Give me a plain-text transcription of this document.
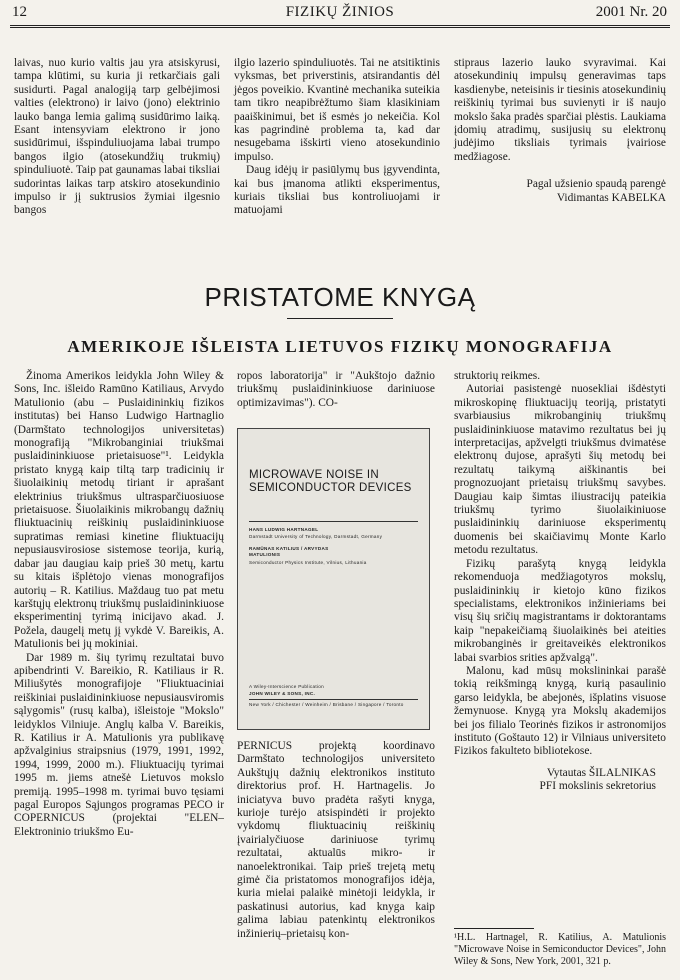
12	FIZIKŲ ŽINIOS	2001 Nr. 20

laivas, nuo kurio valtis jau yra atsiskyrusi, tampa klūtimi, su kuria ji retkarčiais gali susidurti. Pagal analogiją tarp gelbėjimosi valties (elektrono) ir laivo (jono) elektrinio lauko banga lemia galimą susidūrimo laiką. Esant intensyviam elektrono ir jono susidūrimui, išspinduliuojama labai trumpo bangos ilgio (atosekundžių trukmių) spinduliuotė. Taip pat gaunamas labai tiksliai sudorintas laikas tarp atskiro atosekundinio impulso ir jį suktrusios žymiai ilgesnio bangos

ilgio lazerio spinduliuotės. Tai ne atsitiktinis vyksmas, bet priverstinis, atsirandantis dėl jėgos poveikio. Kvantinė mechanika suteikia tam tikro neapibrėžtumo šiam klasikiniam paaiškinimui, bet iš esmės jo nekeičia. Kol kas pagrindinė problema ta, kad dar nesugebama išskirti vieno atosekundinio impulso.

Daug idėjų ir pasiūlymų bus įgyvendinta, kai bus įmanoma atlikti eksperimentus, kuriais tiksliai bus kontroliuojami ir matuojami

stipraus lazerio lauko svyravimai. Kai atosekundinių impulsų generavimas taps kasdienybe, neteisinis ir tiesinis atosekundinių reiškinių tyrimai bus suvienyti ir iš naujo mokslo šaka pradės sparčiai plėstis. Laukiama įdomių atradimų, susijusių su elektronų judėjimo tiksliais tyrimais įvairiose medžiagose.

Pagal užsienio spaudą parengė
Vidimantas KABELKA
PRISTATOME KNYGĄ
AMERIKOJE IŠLEISTA LIETUVOS FIZIKŲ MONOGRAFIJA

Žinoma Amerikos leidykla John Wiley & Sons, Inc. išleido Ramūno Katiliaus, Arvydo Matulionio (abu – Puslaidininkių fizikos institutas) bei Hanso Ludwigo Hartnaglio (Darmštato technologijos universitetas) monografiją "Mikrobanginiai triukšmai puslaidininkiuose prietaisuose"¹. Leidykla pristato knygą kaip tiltą tarp tradicinių ir šiuolaikinių metodų tiriant ir aprašant elektrinius triukšmus ultrasparčiuosiuose prietaisuose. Šiuolaikinis mikrobangų dažnių fliuktuacinių reiškinių puslaidininkiuose supratimas remiasi kinetine fliuktuacijų nepusiausvirosiose sistemose teorija, kurią, dabar jau daugiau kaip prieš 30 metų, kartu su kitais išplėtojo vienas monografijos autorių – R. Katilius. Maždaug tuo pat metu karštųjų elektronų triukšmų puslaidininkiuose eksperimentinį tyrimą inicijavo akad. J. Požela, daugelį metų jį vykdė V. Bareikis, A. Matulionis bei jų mokiniai.

Dar 1989 m. šių tyrimų rezultatai buvo apibendrinti V. Bareikio, R. Katiliaus ir R. Miliušytės monografijoje "Fliuktuaciniai reiškiniai puslaidininkiuose nepusiausviromis sąlygomis" (rusų kalba), išleistoje "Mokslo" leidyklos Vilniuje. Anglų kalba V. Bareikis, R. Katilius ir A. Matulionis yra publikavę apžvalginius straipsnius (1979, 1991, 1992, 1994, 1999, 2000 m.). Fliuktuacijų tyrimai 1995 m. jiems atnešė Lietuvos mokslo premiją. 1995–1998 m. tyrimai buvo tęsiami pagal Europos Sąjungos programas PECO ir COPERNICUS (projektai "ELEN–Elektroninio triukšmo Eu-

ropos laboratorija" ir "Aukštojo dažnio triukšmų puslaidininkiuose dariniuose optimizavimas"). CO-

MICROWAVE NOISE IN SEMICONDUCTOR DEVICES
HANS LUDWIG HARTNAGEL
Darmstadt University of Technology, Darmstadt, Germany
RAMŪNAS KATILIUS / ARVYDAS MATULIONIS
Semiconductor Physics Institute, Vilnius, Lithuania
A Wiley-Interscience Publication
JOHN WILEY & SONS, INC.
New York / Chichester / Weinheim / Brisbane / Singapore / Toronto

PERNICUS projektą koordinavo Darmštato technologijos universiteto Aukštųjų dažnių elektronikos instituto direktorius prof. H. Hartnagelis. Jo iniciatyva buvo pradėta rašyti knyga, kurioje turėjo atsispindėti ir projekto vykdomų fliuktuacinių reiškinių įvairialyčiuose dariniuose tyrimų rezultatai, aktualūs mikro- ir nanoelektronikai. Taip prieš trejetą metų gimė čia pristatomos monografijos idėja, kuria mielai palaikė minėtoji leidykla, ir paskatinusi autorius, kad knyga kaip galima labiau patenkintų elektronikos inžinierių–prietaisų kon-

struktorių reikmes.

Autoriai pasistengė nuosekliai išdėstyti mikroskopinę fliuktuacijų teoriją, pristatyti svarbiausius mikrobanginių triukšmų puslaidininkiuose matavimo rezultatus bei jų interpretacijas, apžvelgti triukšmus dvimatėse elektronų dujose, aprašyti šių metodų bei rezultatų taikymą aiškinantis bei prognozuojant prietaisų triukšmų savybes. Daugiau kaip šimtas iliustracijų pateikia triukšmų tyrimo šiuolaikiniuose puslaidininkių dariniuose eksperimentų duomenis bei skaičiavimų Monte Karlo metodu rezultatus.

Fizikų parašytą knygą leidykla rekomenduoja medžiagotyros mokslų, puslaidininkių ir kietojo kūno fizikos specialistams, elektronikos inžinieriams bei visų šių sričių magistrantams ir doktorantams kaip "nepakeičiamą šiuolaikinės bei ateities mikrobanginės ir greitaveikės elektronikos labai svarbios srities apžvalgą".

Malonu, kad mūsų mokslininkai parašė tokią reikšmingą knygą, kurią pasaulinio garso leidykla, be abejonės, išplatins visuose žemynuose. Knygą yra Mokslų akademijos bei jos filialo Teorinės fizikos ir astronomijos instituto (Goštauto 12) ir Vilniaus universiteto Fizikos fakulteto bibliotekose.

Vytautas ŠILALNIKAS
PFI mokslinis sekretorius
¹H.L. Hartnagel, R. Katilius, A. Matulionis "Microwave Noise in Semiconductor Devices", John Wiley & Sons, New York, 2001, 321 p.
